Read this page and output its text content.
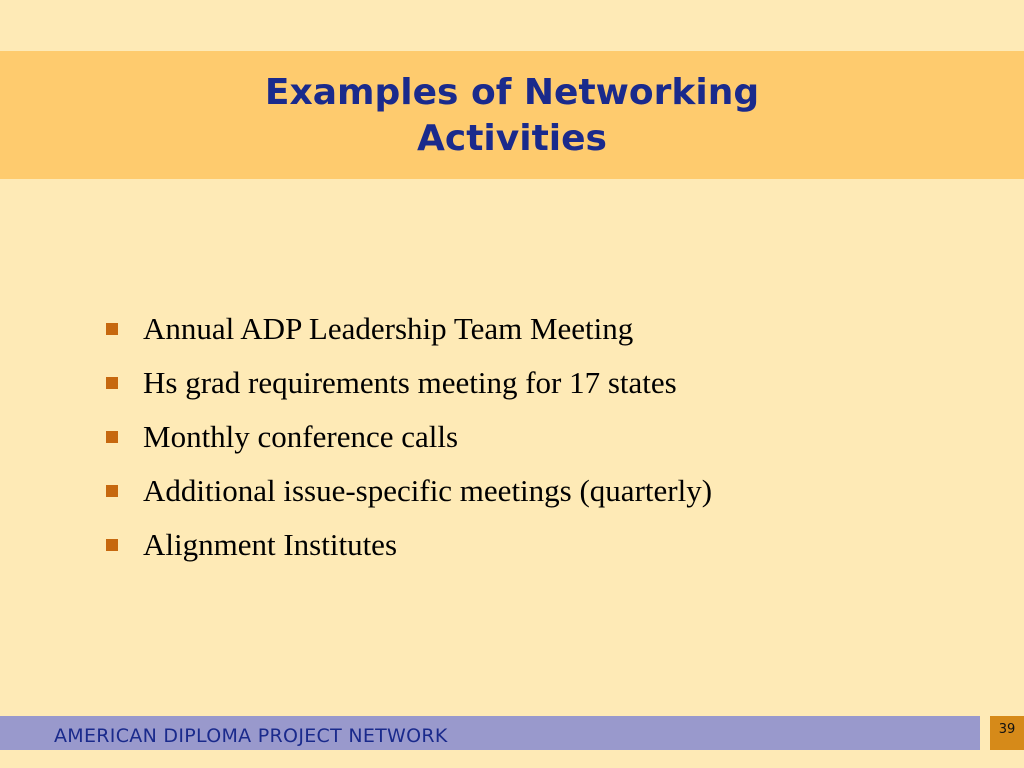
Examples of Networking
Activities
Annual ADP Leadership Team Meeting
Hs grad requirements meeting for 17 states
Monthly conference calls
Additional issue-specific meetings (quarterly)
Alignment Institutes
AMERICAN DIPLOMA PROJECT NETWORK	39
